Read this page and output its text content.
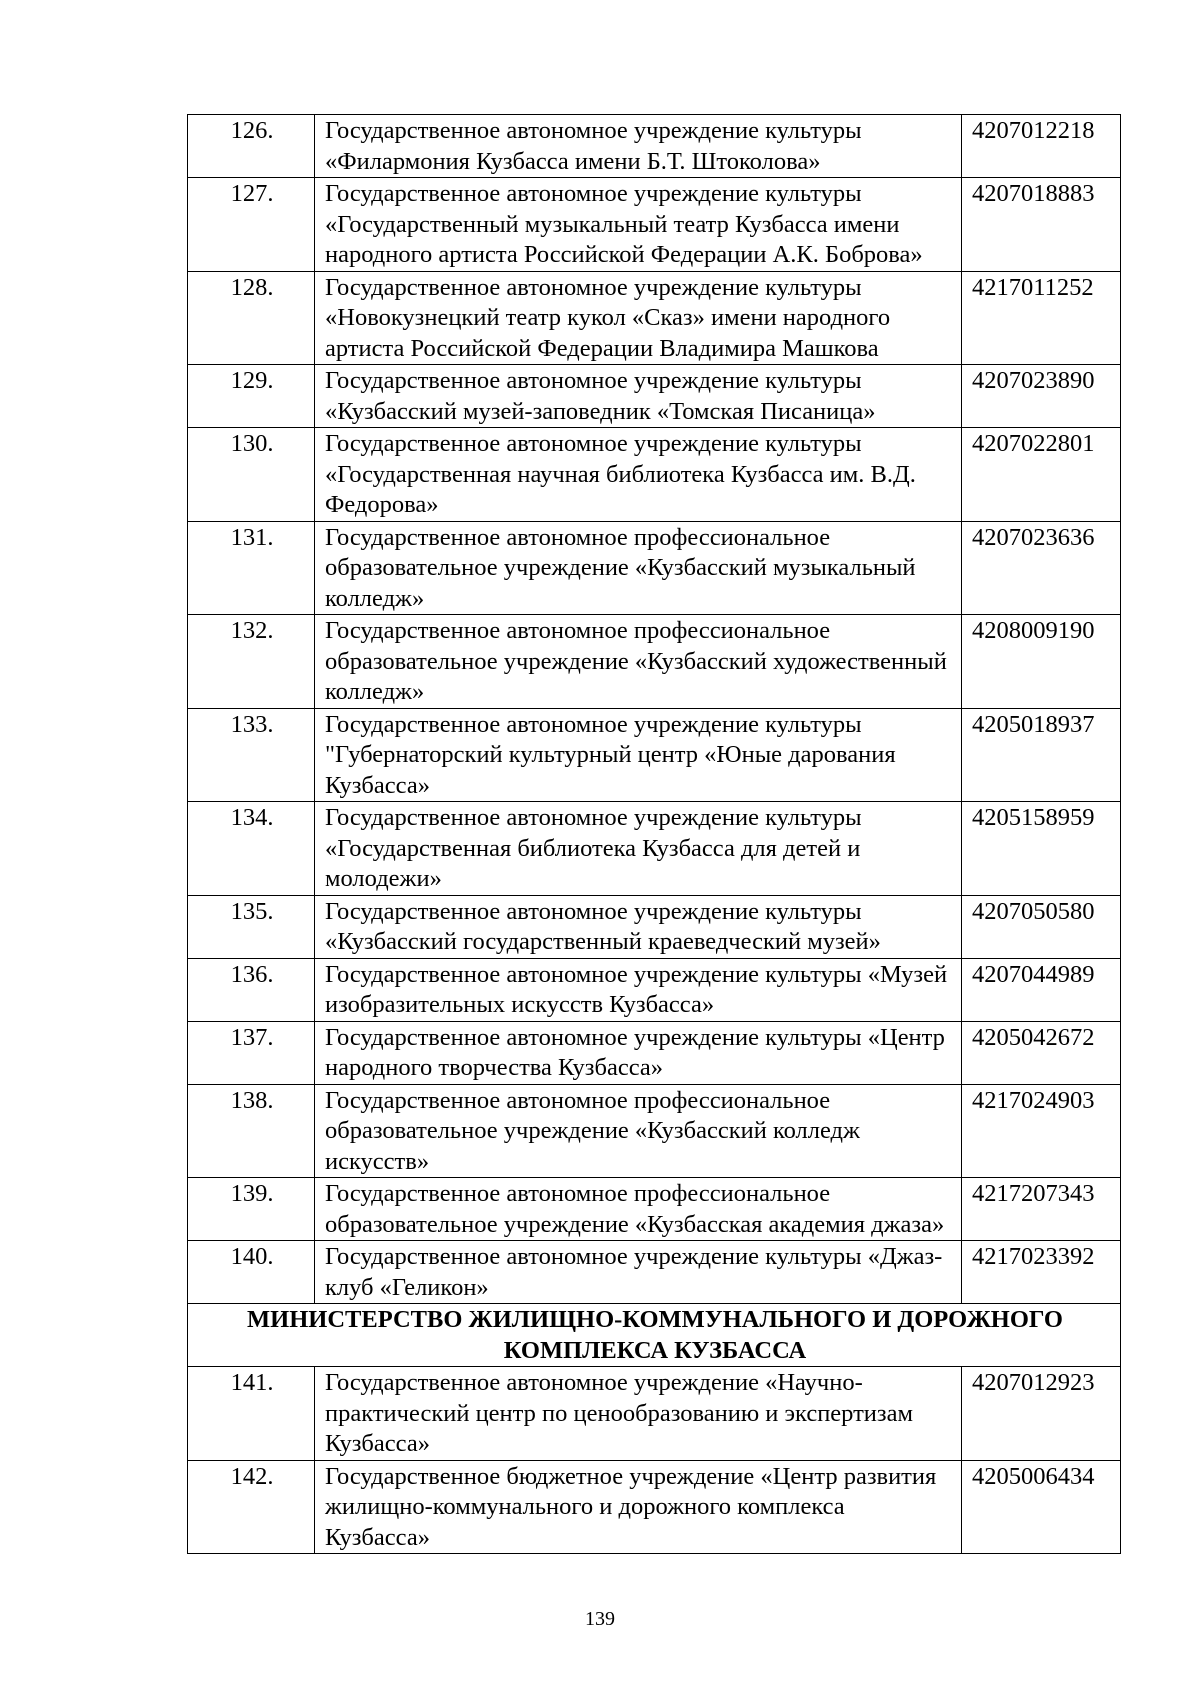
126.	Государственное автономное учреждение культуры «Филармония Кузбасса имени Б.Т. Штоколова»	4207012218
127.	Государственное автономное учреждение культуры «Государственный музыкальный театр Кузбасса имени народного артиста Российской Федерации А.К. Боброва»	4207018883
128.	Государственное автономное учреждение культуры «Новокузнецкий театр кукол «Сказ» имени народного артиста Российской Федерации Владимира Машкова	4217011252
129.	Государственное автономное учреждение культуры «Кузбасский музей-заповедник «Томская Писаница»	4207023890
130.	Государственное автономное учреждение культуры «Государственная научная библиотека Кузбасса им. В.Д. Федорова»	4207022801
131.	Государственное автономное профессиональное образовательное учреждение «Кузбасский музыкальный колледж»	4207023636
132.	Государственное автономное профессиональное образовательное учреждение «Кузбасский художественный колледж»	4208009190
133.	Государственное автономное учреждение культуры "Губернаторский культурный центр «Юные дарования Кузбасса»	4205018937
134.	Государственное автономное учреждение культуры «Государственная библиотека Кузбасса для детей и молодежи»	4205158959
135.	Государственное автономное учреждение культуры «Кузбасский государственный краеведческий музей»	4207050580
136.	Государственное автономное учреждение культуры «Музей изобразительных искусств Кузбасса»	4207044989
137.	Государственное автономное учреждение культуры «Центр народного творчества Кузбасса»	4205042672
138.	Государственное автономное профессиональное образовательное учреждение «Кузбасский колледж искусств»	4217024903
139.	Государственное автономное профессиональное образовательное учреждение «Кузбасская академия джаза»	4217207343
140.	Государственное автономное учреждение культуры «Джаз-клуб «Геликон»	4217023392
МИНИСТЕРСТВО ЖИЛИЩНО-КОММУНАЛЬНОГО И ДОРОЖНОГО КОМПЛЕКСА КУЗБАССА		
141.	Государственное автономное учреждение «Научно-практический центр по ценообразованию и экспертизам Кузбасса»	4207012923
142.	Государственное бюджетное учреждение «Центр развития жилищно-коммунального и дорожного комплекса Кузбасса»	4205006434
139
